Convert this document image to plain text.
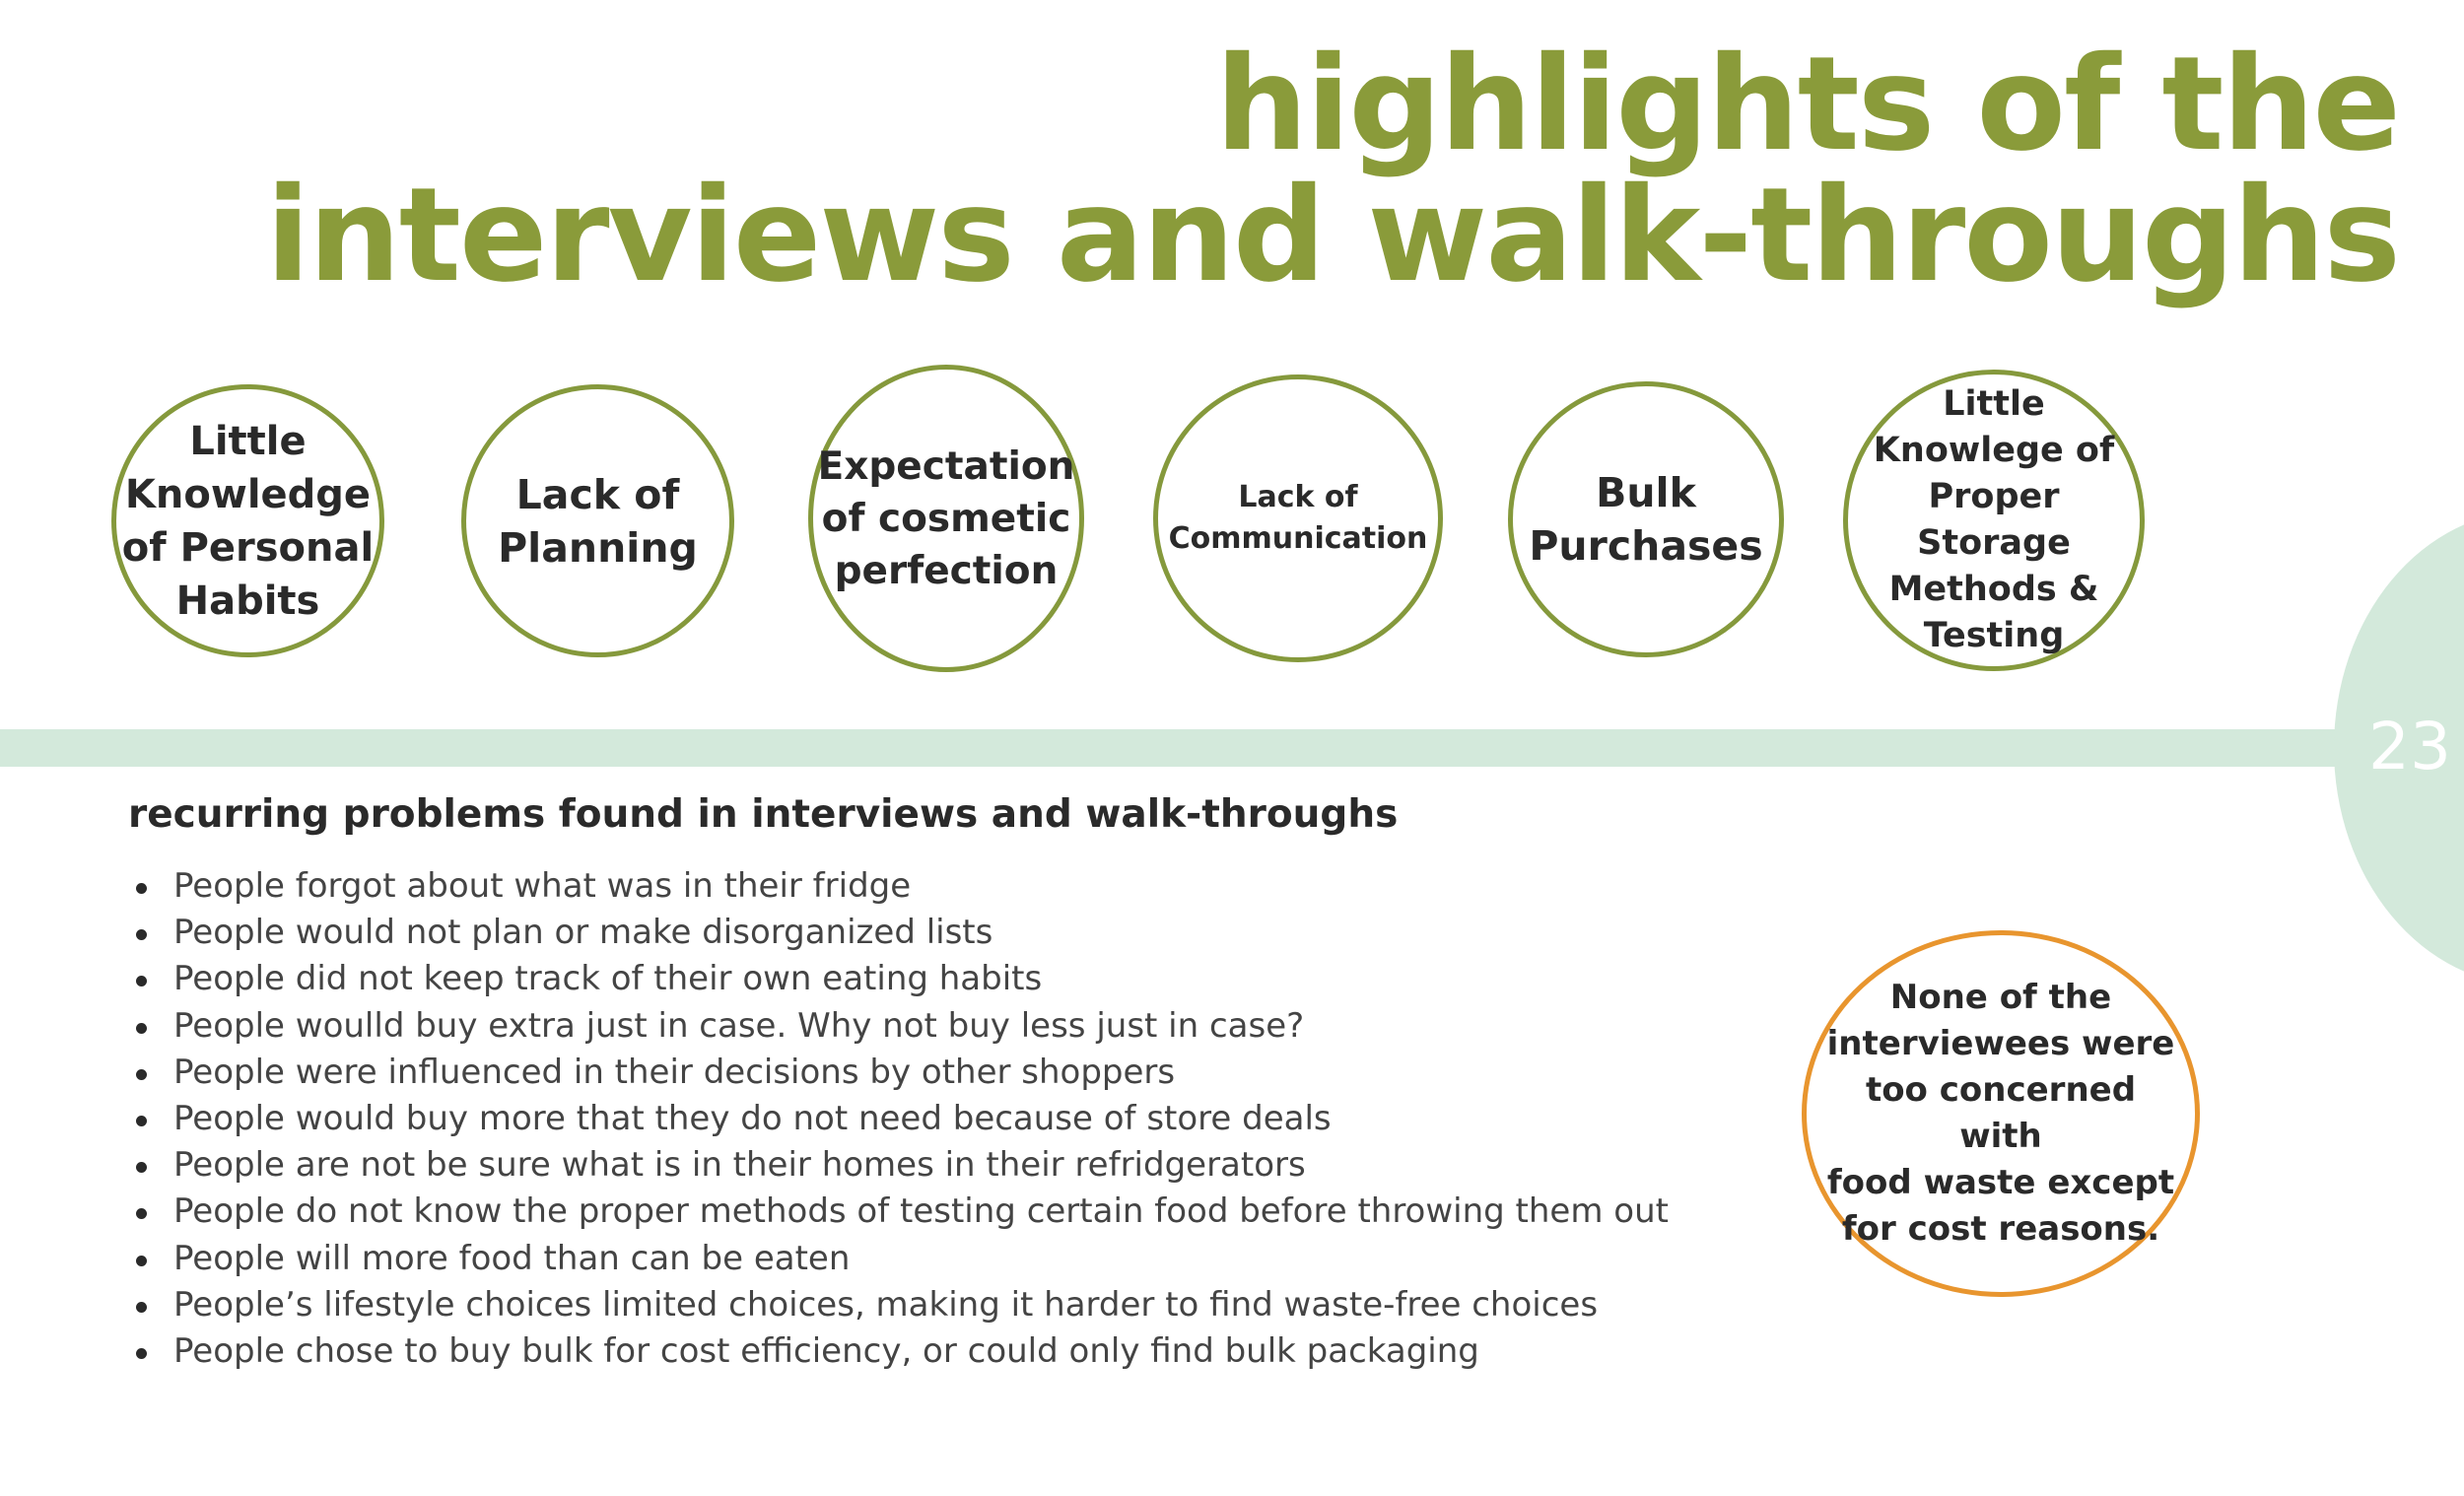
highlights of the
interviews and walk-throughs
23
Little
Knowledge
of Personal
Habits
Lack of
Planning
Expectation
of cosmetic
perfection
Lack of
Communication
Bulk
Purchases
Little
Knowlege of
Proper Storage
Methods &
Testing
recurring problems found in interviews and walk-throughs
People forgot about what was in their fridge
People would not plan or make disorganized lists
People did not keep track of their own eating habits
People woulld buy extra just in case. Why not buy less just in case?
People were influenced in their decisions by other shoppers
People would buy more that they do not need because of store deals
People are not be sure what is in their homes in their refridgerators
People do not know the proper methods of testing certain food before throwing them out
People will more food than can be eaten
People’s lifestyle choices limited choices, making it harder to find waste-free choices
People chose to buy bulk for cost efficiency, or could only find bulk packaging
None of the
interviewees were
too concerned with
food waste except
for cost reasons.
